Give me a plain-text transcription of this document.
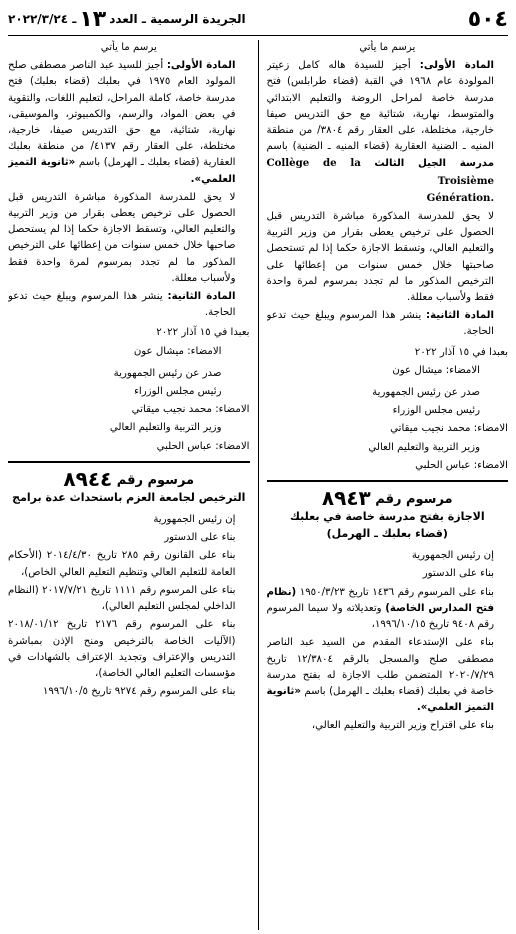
٥٠٤
الجريدة الرسمية ـ العدد١٣ـ ٢٠٢٢/٣/٢٤

يرسم ما يأتي

المادة الأولى: أجيز للسيدة هاله كامل زعيتر المولودة عام ١٩٦٨ في القبة (قضاء طرابلس) فتح مدرسة خاصة لمراحل الروضة والتعليم الابتدائي والمتوسط، نهارية، شتائية مع حق التدريس صيفا خارجية، مختلطة، على العقار رقم ٣٨٠٤/ من منطقة المنيه ـ الضنية العقارية (قضاء المنيه ـ الضنية) باسم مدرسة الجيل الثالث Collège de la Troisième
Génération.

لا يحق للمدرسة المذكورة مباشرة التدريس قبل الحصول على ترخيص يعطى بقرار من وزير التربية والتعليم العالي، وتسقط الاجازة حكما إذا لم تستحصل صاحبتها خلال خمس سنوات من إعطائها على الترخيص المذكور ما لم تجدد بمرسوم لمرة واحدة فقط ولأسباب معللة.

المادة الثانية: ينشر هذا المرسوم ويبلغ حيث تدعو الحاجة.

بعبدا في ١٥ آذار ٢٠٢٢

الامضاء: ميشال عون

صدر عن رئيس الجمهورية

رئيس مجلس الوزراء

الامضاء: محمد نجيب ميقاتي

وزير التربية والتعليم العالي

الامضاء: عباس الحلبي

مرسوم رقم ٨٩٤٣
الاجازة بفتح مدرسة خاصة في بعلبك
(قضاء بعلبك ـ الهرمل)

إن رئيس الجمهورية

بناء على الدستور

بناء على المرسوم رقم ١٤٣٦ تاريخ ١٩٥٠/٣/٢٣ (نظام فتح المدارس الخاصة) وتعديلاته ولا سيما المرسوم رقم ٩٤٠٨ تاريخ ١٩٩٦/١٠/١٥،

بناء على الإستدعاء المقدم من السيد عبد الناصر مصطفى صلح والمسجل بالرقم ١٢/٣٨٠٤ تاريخ ٢٠٢٠/٧/٢٩ المتضمن طلب الاجازة له بفتح مدرسة خاصة في بعلبك (قضاء بعلبك ـ الهرمل) باسم «ثانوية التميز العلمي».

بناء على اقتراح وزير التربية والتعليم العالي،

يرسم ما يأتي

المادة الأولى: أجيز للسيد عبد الناصر مصطفى صلح المولود العام ١٩٧٥ في بعلبك (قضاء بعلبك) فتح مدرسة خاصة، كاملة المراحل، لتعليم اللغات، والتقوية في بعض المواد، والرسم، والكمبيوتر، والموسيقى، نهارية، شتائية، مع حق التدريس صيفا، خارجية، مختلطة، على العقار رقم ٤١٣٧/ من منطقة بعلبك العقارية (قضاء بعلبك ـ الهرمل) باسم «ثانوية التميز العلمي».

لا يحق للمدرسة المذكورة مباشرة التدريس قبل الحصول على ترخيص يعطى بقرار من وزير التربية والتعليم العالي، وتسقط الاجازة حكما إذا لم يستحصل صاحبها خلال خمس سنوات من إعطائها على الترخيص المذكور ما لم تجدد بمرسوم لمرة واحدة فقط ولأسباب معللة.

المادة الثانية: ينشر هذا المرسوم ويبلغ حيث تدعو الحاجة.

بعبدا في ١٥ آذار ٢٠٢٢

الامضاء: ميشال عون

صدر عن رئيس الجمهورية

رئيس مجلس الوزراء

الامضاء: محمد نجيب ميقاتي

وزير التربية والتعليم العالي

الامضاء: عباس الحلبي

مرسوم رقم ٨٩٤٤
الترخيص لجامعة العزم باستحداث عدة برامج

إن رئيس الجمهورية

بناء على الدستور

بناء على القانون رقم ٢٨٥ تاريخ ٢٠١٤/٤/٣٠ (الأحكام العامة للتعليم العالي وتنظيم التعليم العالي الخاص)،

بناء على المرسوم رقم ١١١١ تاريخ ٢٠١٧/٧/٢١ (النظام الداخلي لمجلس التعليم العالي)،

بناء على المرسوم رقم ٢١٧٦ تاريخ ٢٠١٨/٠١/١٢ (الآليات الخاصة بالترخيص ومنح الإذن بمباشرة التدريس والإعتراف وتجديد الإعتراف بالشهادات في مؤسسات التعليم العالي الخاصة)،

بناء على المرسوم رقم ٩٢٧٤ تاريخ ١٩٩٦/١٠/٥
